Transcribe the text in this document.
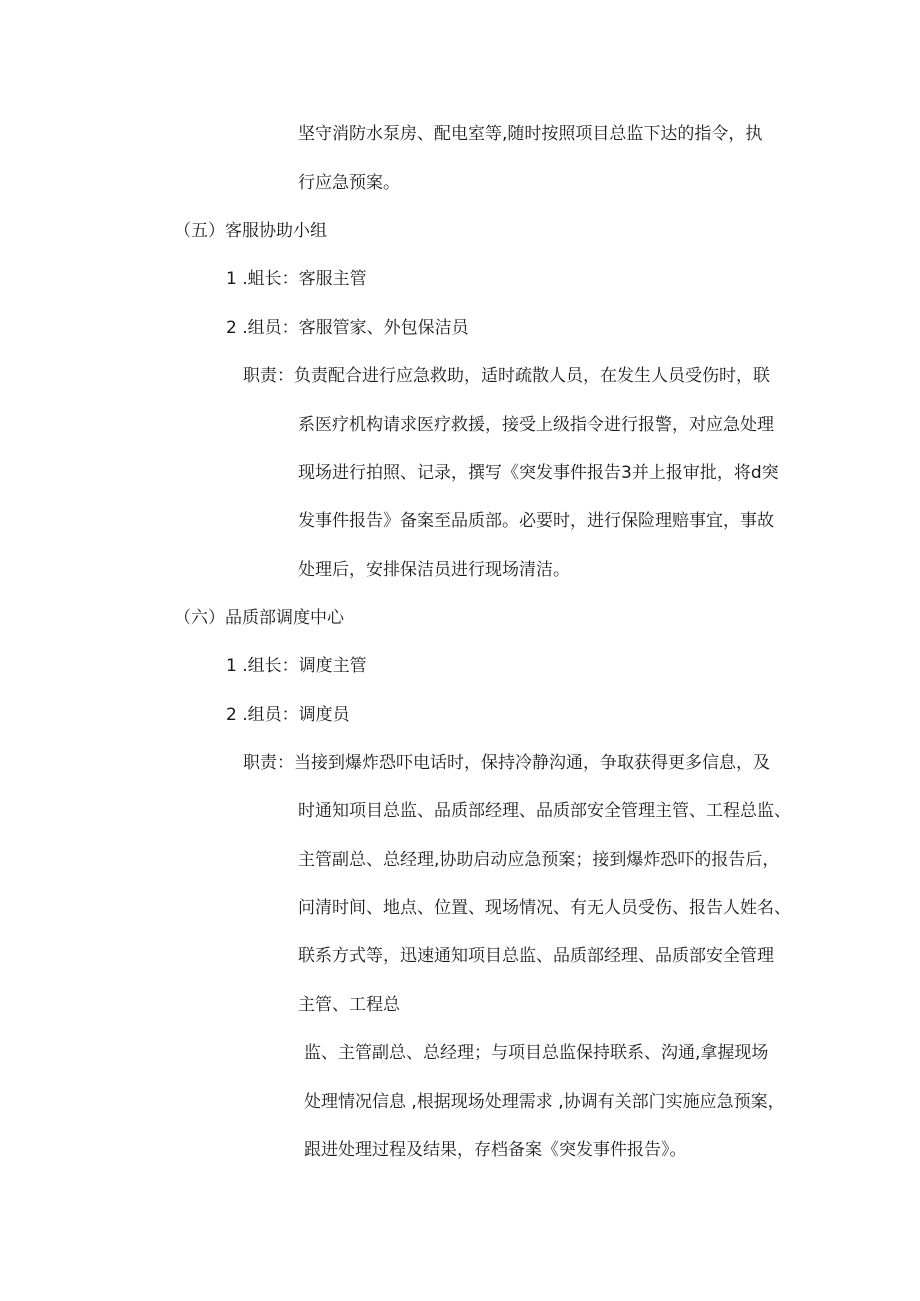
坚守消防水泵房、配电室等,随时按照项目总监下达的指令，执

行应急预案。

（五）客服协助小组

1 .蛆长：客服主管

2 .组员：客服管家、外包保洁员

职责：负责配合进行应急救助，适时疏散人员，在发生人员受伤时，联

系医疗机构请求医疗救援，接受上级指令进行报警，对应急处理

现场进行拍照、记录，撰写《突发事件报告3并上报审批，将d突

发事件报告》备案至品质部。必要时，进行保险理赔事宜，事故

处理后，安排保洁员进行现场清洁。

（六）品质部调度中心

1 .组长：调度主管

2 .组员：调度员

职责：当接到爆炸恐吓电话时，保持冷静沟通，争取获得更多信息，及

时通知项目总监、品质部经理、品质部安全管理主管、工程总监、

主管副总、总经理,协助启动应急预案；接到爆炸恐吓的报告后，

问清时间、地点、位置、现场情况、有无人员受伤、报告人姓名、

联系方式等，迅速通知项目总监、品质部经理、品质部安全管理

主管、工程总

监、主管副总、总经理；与项目总监保持联系、沟通,拿握现场

处理情况信息 ,根据现场处理需求 ,协调有关部门实施应急预案，

跟进处理过程及结果，存档备案《突发事件报告》。
